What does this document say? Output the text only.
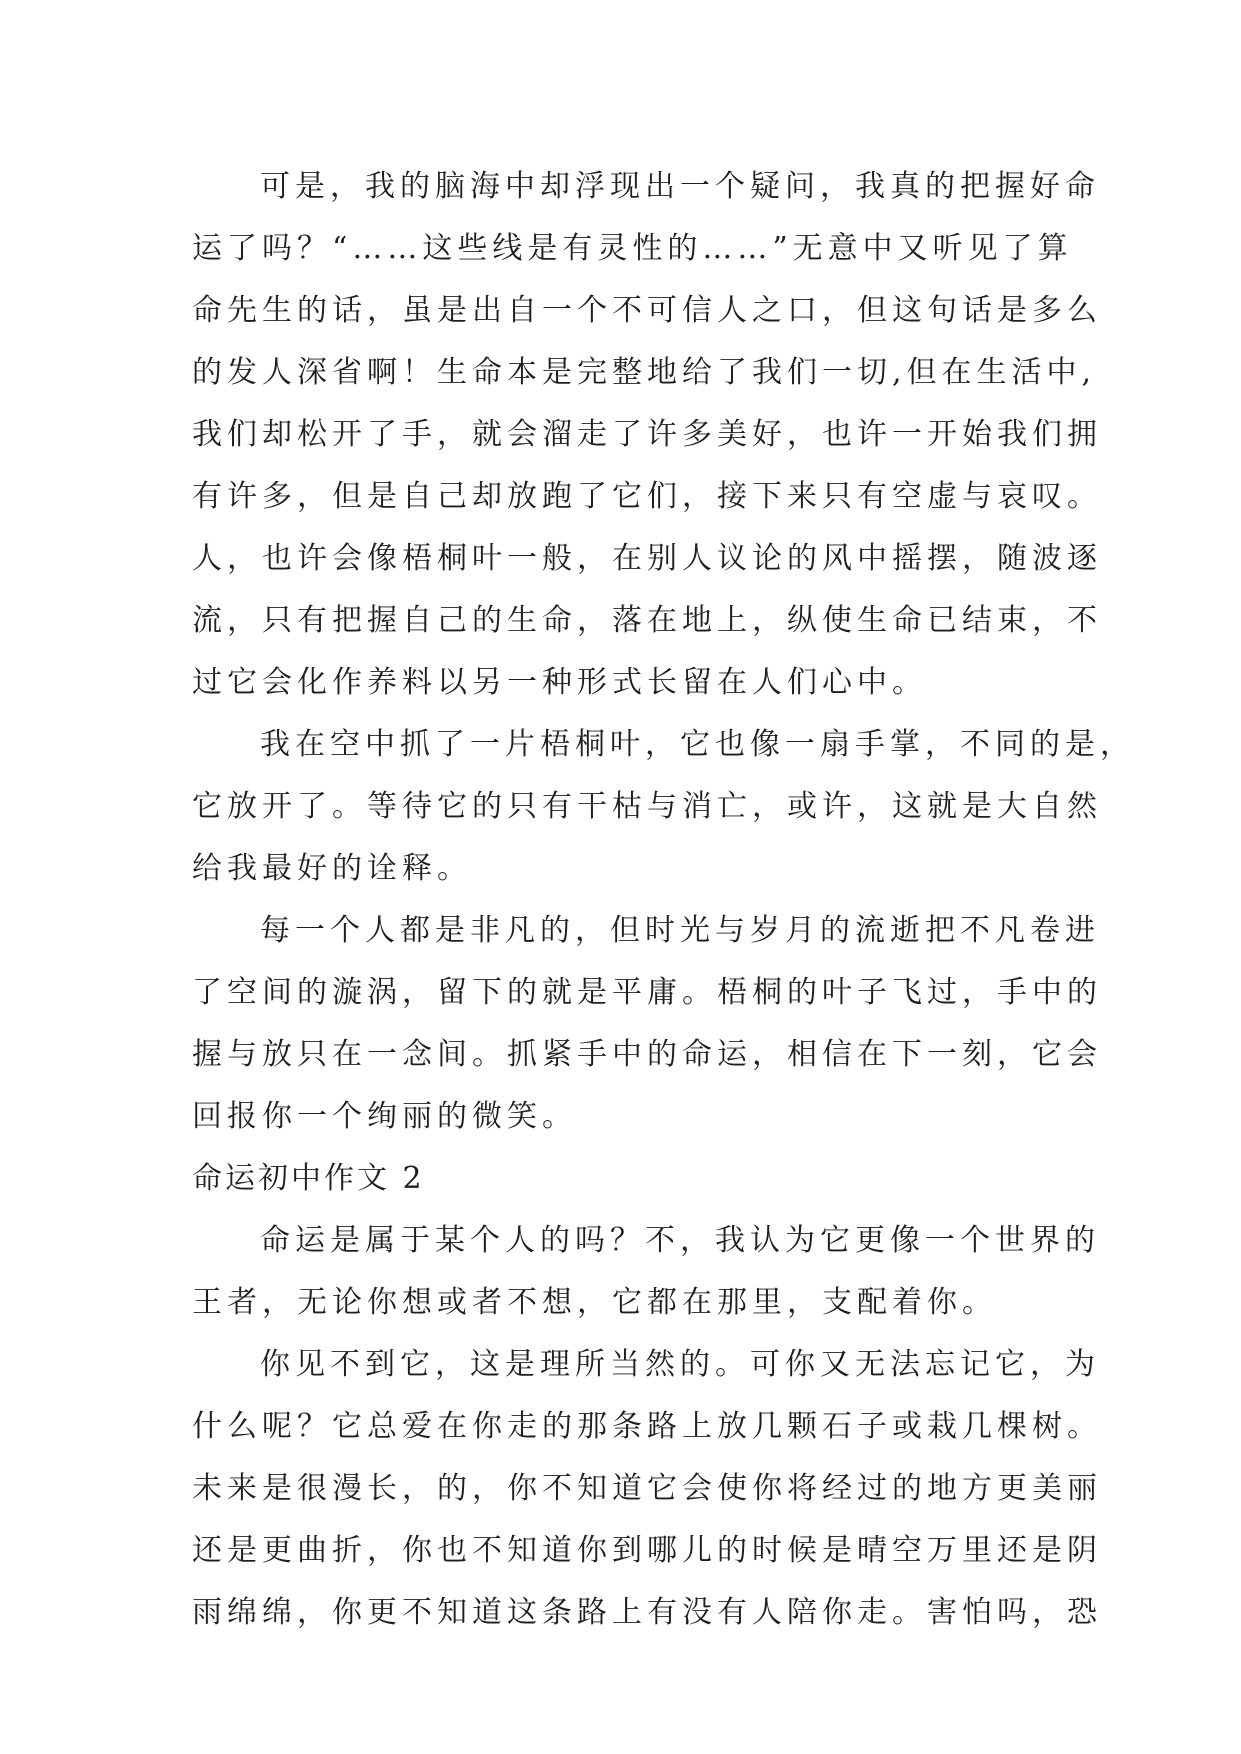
可是，我的脑海中却浮现出一个疑问，我真的把握好命
运了吗？“……这些线是有灵性的……”无意中又听见了算
命先生的话，虽是出自一个不可信人之口，但这句话是多么
的发人深省啊！生命本是完整地给了我们一切,但在生活中,
我们却松开了手，就会溜走了许多美好，也许一开始我们拥
有许多，但是自己却放跑了它们，接下来只有空虚与哀叹。
人，也许会像梧桐叶一般，在别人议论的风中摇摆，随波逐
流，只有把握自己的生命，落在地上，纵使生命已结束，不
过它会化作养料以另一种形式长留在人们心中。
我在空中抓了一片梧桐叶，它也像一扇手掌，不同的是，
它放开了。等待它的只有干枯与消亡，或许，这就是大自然
给我最好的诠释。
每一个人都是非凡的，但时光与岁月的流逝把不凡卷进
了空间的漩涡，留下的就是平庸。梧桐的叶子飞过，手中的
握与放只在一念间。抓紧手中的命运，相信在下一刻，它会
回报你一个绚丽的微笑。
命运初中作文 2
命运是属于某个人的吗？不，我认为它更像一个世界的
王者，无论你想或者不想，它都在那里，支配着你。
你见不到它，这是理所当然的。可你又无法忘记它，为
什么呢？它总爱在你走的那条路上放几颗石子或栽几棵树。
未来是很漫长，的，你不知道它会使你将经过的地方更美丽
还是更曲折，你也不知道你到哪儿的时候是晴空万里还是阴
雨绵绵，你更不知道这条路上有没有人陪你走。害怕吗，恐
